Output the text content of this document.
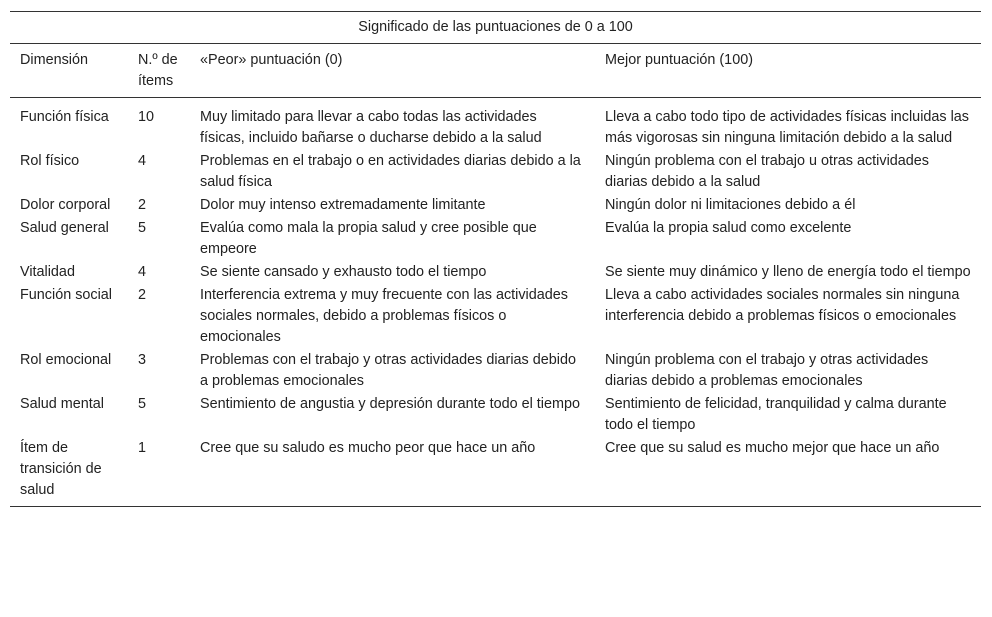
Significado de las puntuaciones de 0 a 100			
Dimensión	N.º de ítems	«Peor» puntuación (0)	Mejor puntuación (100)
Función física	10	Muy limitado para llevar a cabo todas las actividades físicas, incluido bañarse o ducharse debido a la salud	Lleva a cabo todo tipo de actividades físicas incluidas las más vigorosas sin ninguna limitación debido a la salud
Rol físico	4	Problemas en el trabajo o en actividades diarias debido a la salud física	Ningún problema con el trabajo u otras actividades diarias debido a la salud
Dolor corporal	2	Dolor muy intenso extremadamente limitante	Ningún dolor ni limitaciones debido a él
Salud general	5	Evalúa como mala la propia salud y cree posible que empeore	Evalúa la propia salud como excelente
Vitalidad	4	Se siente cansado y exhausto todo el tiempo	Se siente muy dinámico y lleno de energía todo el tiempo
Función social	2	Interferencia extrema y muy frecuente con las actividades sociales normales, debido a problemas físicos o emocionales	Lleva a cabo actividades sociales normales sin ninguna interferencia debido a problemas físicos o emocionales
Rol emocional	3	Problemas con el trabajo y otras actividades diarias debido a problemas emocionales	Ningún problema con el trabajo y otras actividades diarias debido a problemas emocionales
Salud mental	5	Sentimiento de angustia y depresión durante todo el tiempo	Sentimiento de felicidad, tranquilidad y calma durante todo el tiempo
Ítem de transición de salud	1	Cree que su saludo es mucho peor que hace un año	Cree que su salud es mucho mejor que hace un año
